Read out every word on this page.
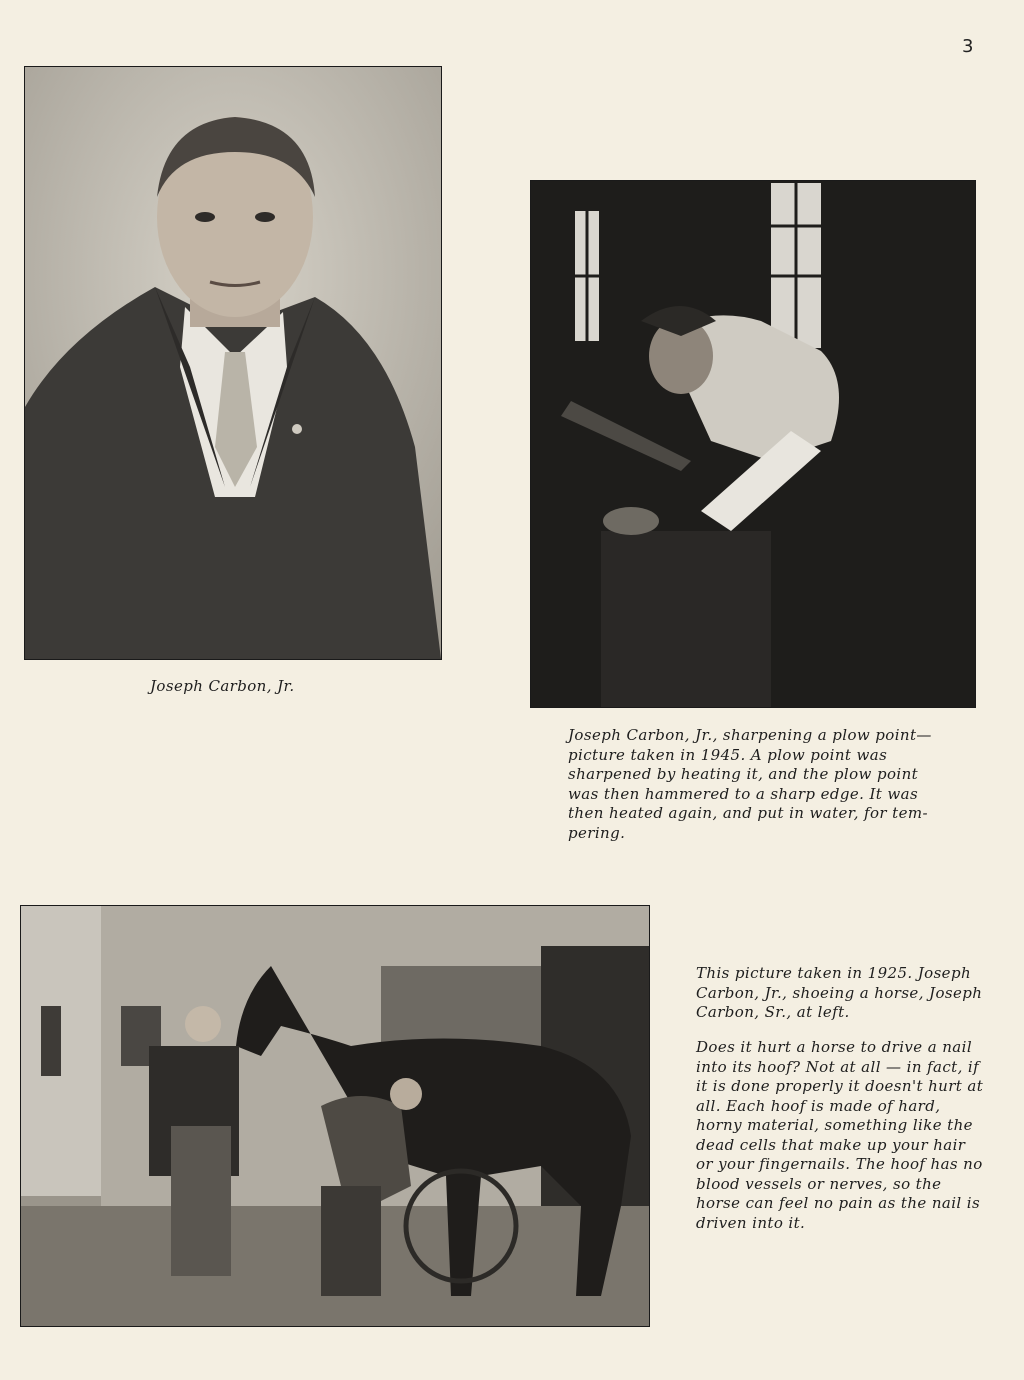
3
Joseph Carbon, Jr.
Joseph Carbon, Jr., sharpening a plow point— picture taken in 1945. A plow point was sharpened by heating it, and the plow point was then hammered to a sharp edge. It was then heated again, and put in water, for tem- pering.

This picture taken in 1925. Joseph Carbon, Jr., shoeing a horse, Joseph Carbon, Sr., at left.

Does it hurt a horse to drive a nail into its hoof? Not at all — in fact, if it is done properly it doesn't hurt at all. Each hoof is made of hard, horny material, something like the dead cells that make up your hair or your fingernails. The hoof has no blood vessels or nerves, so the horse can feel no pain as the nail is driven into it.
